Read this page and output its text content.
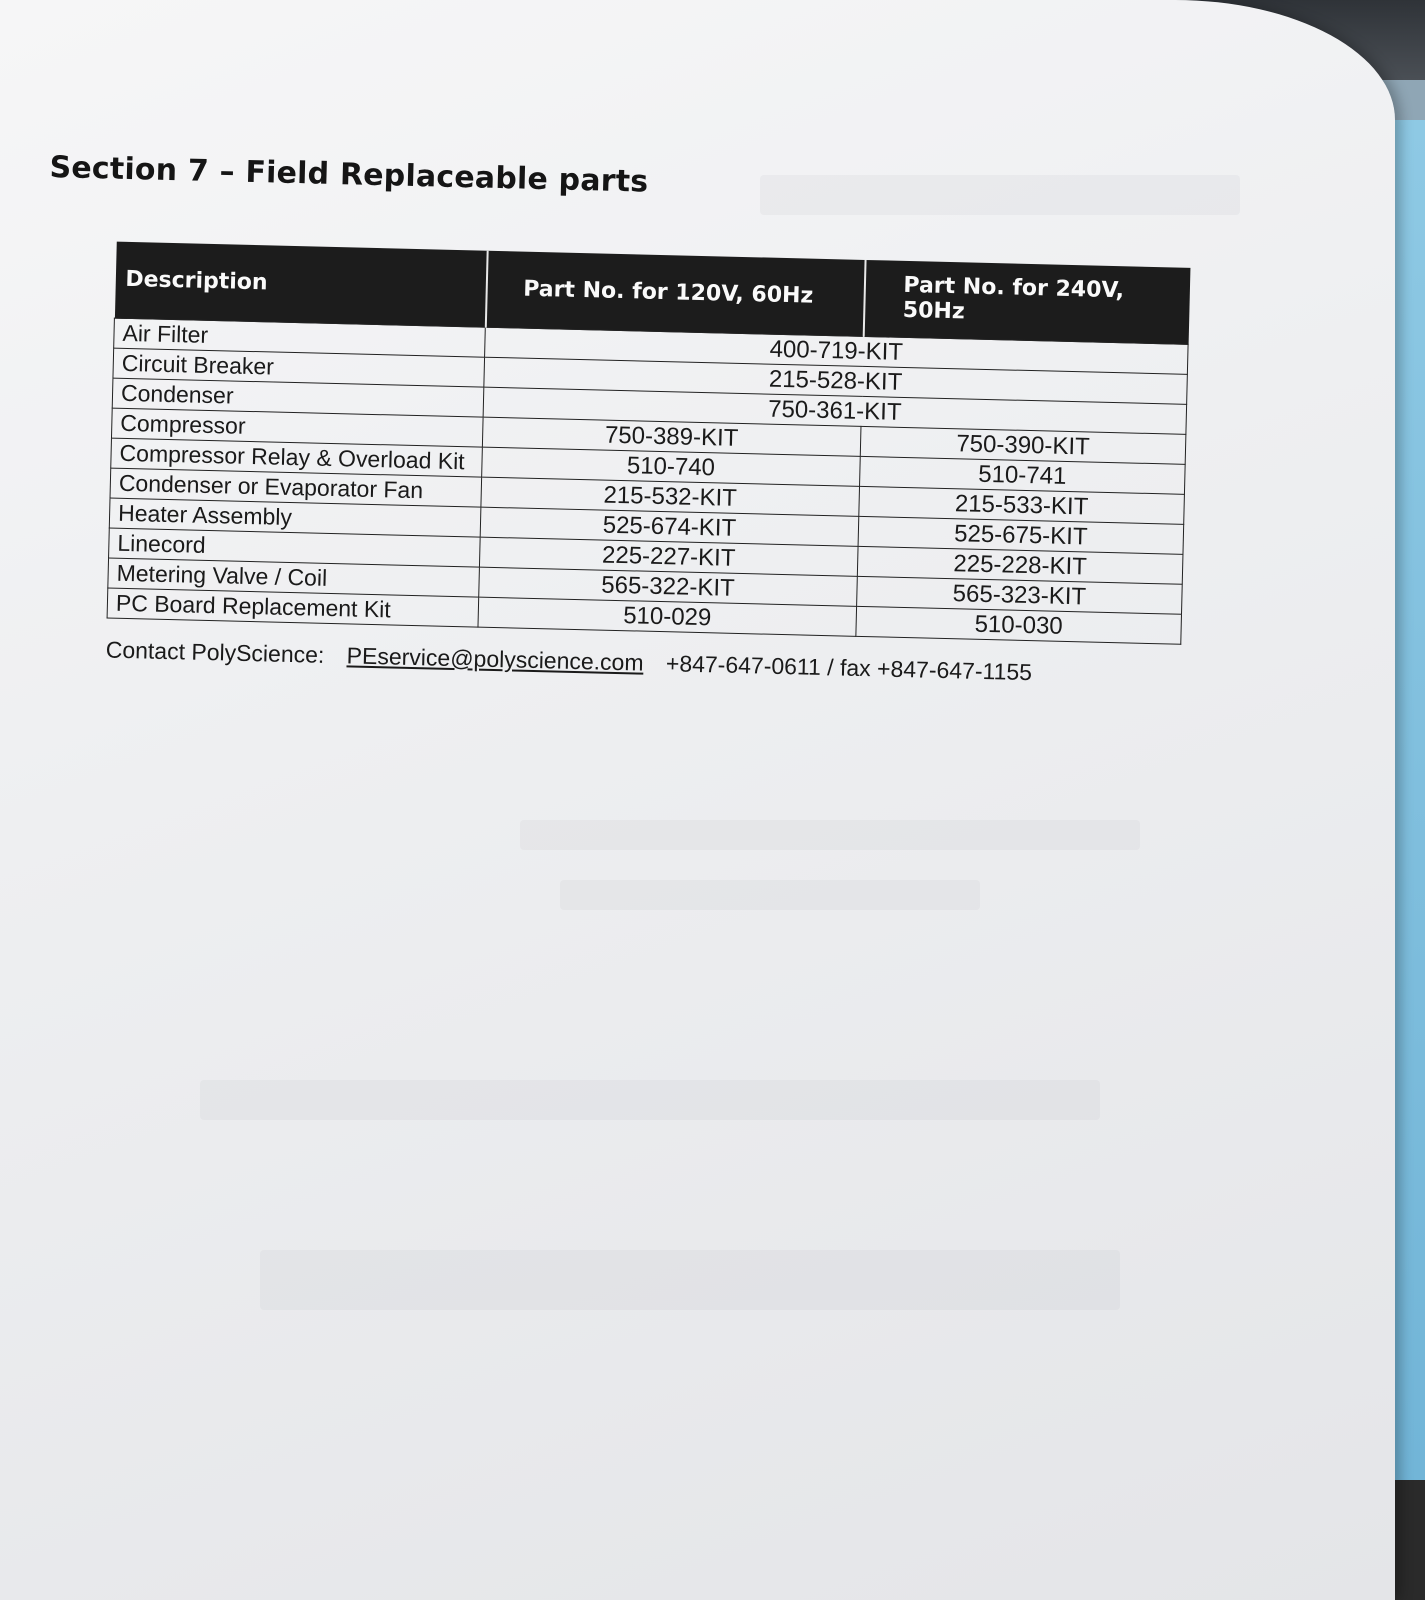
Section 7 – Field Replaceable parts
Description	Part No. for 120V, 60Hz	Part No. for 240V, 50Hz
Air Filter	400-719-KIT	
Circuit Breaker	215-528-KIT	
Condenser	750-361-KIT	
Compressor	750-389-KIT	750-390-KIT
Compressor Relay & Overload Kit	510-740	510-741
Condenser or Evaporator Fan	215-532-KIT	215-533-KIT
Heater Assembly	525-674-KIT	525-675-KIT
Linecord	225-227-KIT	225-228-KIT
Metering Valve / Coil	565-322-KIT	565-323-KIT
PC Board Replacement Kit	510-029	510-030
Contact PolyScience: PEservice@polyscience.com +847-647-0611 / fax +847-647-1155
